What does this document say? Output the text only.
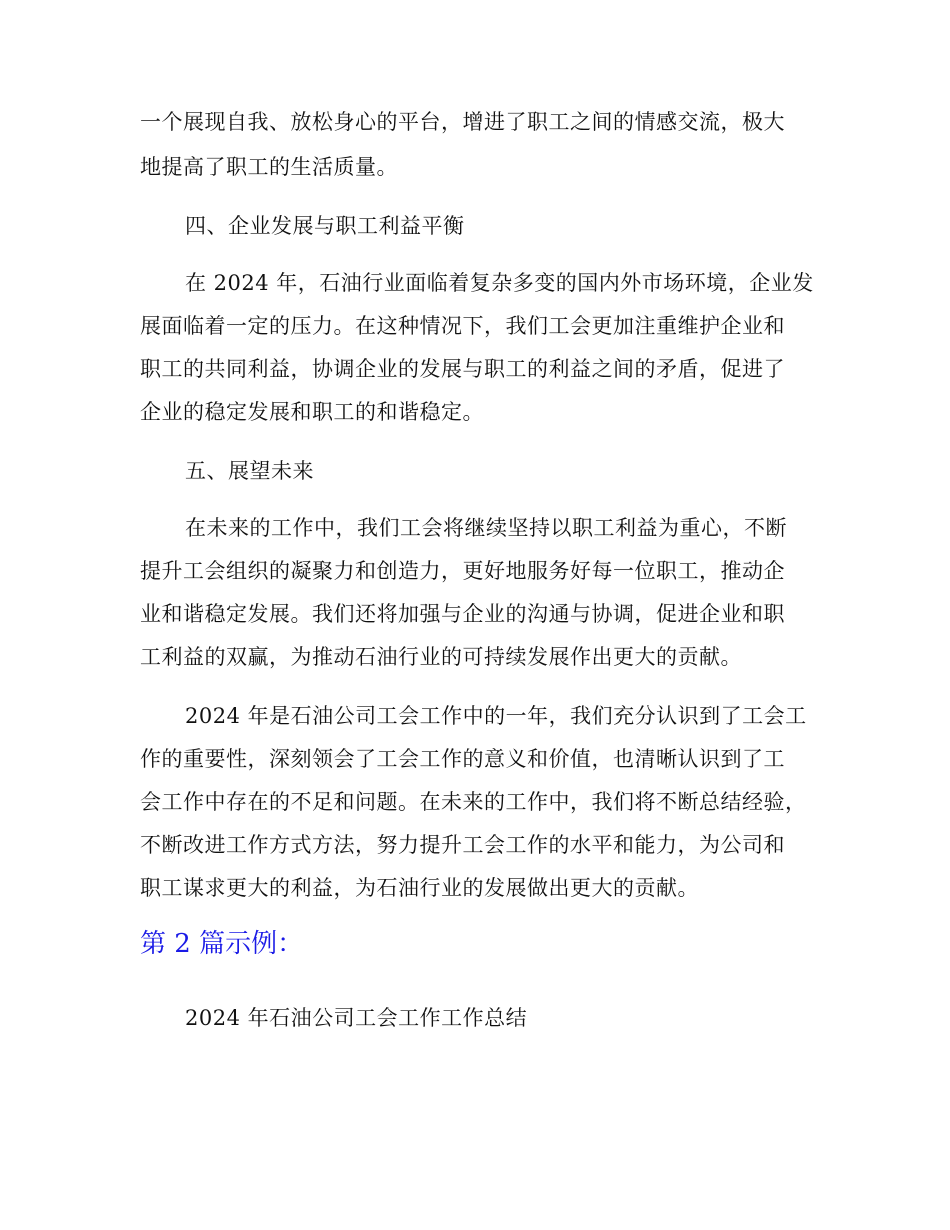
一个展现自我、放松身心的平台，增进了职工之间的情感交流，极大
地提高了职工的生活质量。
四、企业发展与职工利益平衡
在 2024 年，石油行业面临着复杂多变的国内外市场环境，企业发
展面临着一定的压力。在这种情况下，我们工会更加注重维护企业和
职工的共同利益，协调企业的发展与职工的利益之间的矛盾，促进了
企业的稳定发展和职工的和谐稳定。
五、展望未来
在未来的工作中，我们工会将继续坚持以职工利益为重心，不断
提升工会组织的凝聚力和创造力，更好地服务好每一位职工，推动企
业和谐稳定发展。我们还将加强与企业的沟通与协调，促进企业和职
工利益的双赢，为推动石油行业的可持续发展作出更大的贡献。
2024 年是石油公司工会工作中的一年，我们充分认识到了工会工
作的重要性，深刻领会了工会工作的意义和价值，也清晰认识到了工
会工作中存在的不足和问题。在未来的工作中，我们将不断总结经验，
不断改进工作方式方法，努力提升工会工作的水平和能力，为公司和
职工谋求更大的利益，为石油行业的发展做出更大的贡献。
第 2 篇示例：
2024 年石油公司工会工作工作总结
